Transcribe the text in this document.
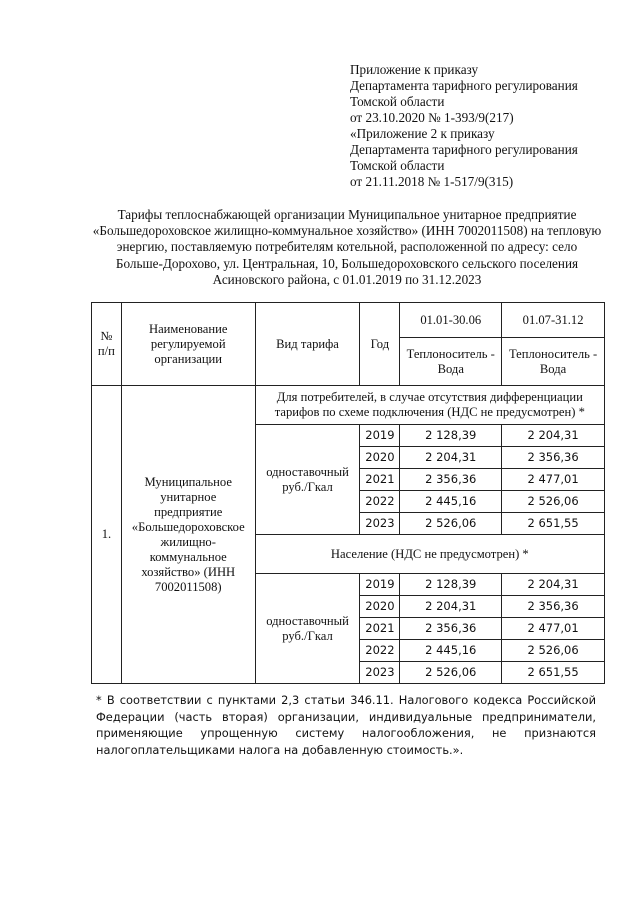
Приложение к приказу
Департамента тарифного регулирования
Томской области
от 23.10.2020 № 1-393/9(217)
«Приложение 2 к приказу
Департамента тарифного регулирования
Томской области
от 21.11.2018 № 1-517/9(315)
Тарифы теплоснабжающей организации Муниципальное унитарное предприятие «Большедороховское жилищно-коммунальное хозяйство» (ИНН 7002011508) на тепловую энергию, поставляемую потребителям котельной, расположенной по адресу: село Больше-Дорохово, ул. Центральная, 10, Большедороховского сельского поселения Асиновского района, с 01.01.2019 по 31.12.2023
№ п/п	Наименование регулируемой организации	Вид тарифа	Год	01.01-30.06	01.07-31.12
				Теплоноситель - Вода	Теплоноситель - Вода
1.	Муниципальное унитарное предприятие «Большедороховское жилищно-коммунальное хозяйство» (ИНН 7002011508)	Для потребителей, в случае отсутствия дифференциации тарифов по схеме подключения (НДС не предусмотрен) *			
		одноставочный руб./Гкал	2019	2 128,39	2 204,31
			2020	2 204,31	2 356,36
			2021	2 356,36	2 477,01
			2022	2 445,16	2 526,06
			2023	2 526,06	2 651,55
		Население (НДС не предусмотрен) *			
		одноставочный руб./Гкал	2019	2 128,39	2 204,31
			2020	2 204,31	2 356,36
			2021	2 356,36	2 477,01
			2022	2 445,16	2 526,06
			2023	2 526,06	2 651,55
* В соответствии с пунктами 2,3 статьи 346.11. Налогового кодекса Российской Федерации (часть вторая) организации, индивидуальные предприниматели, применяющие упрощенную систему налогообложения, не признаются налогоплательщиками налога на добавленную стоимость.».
